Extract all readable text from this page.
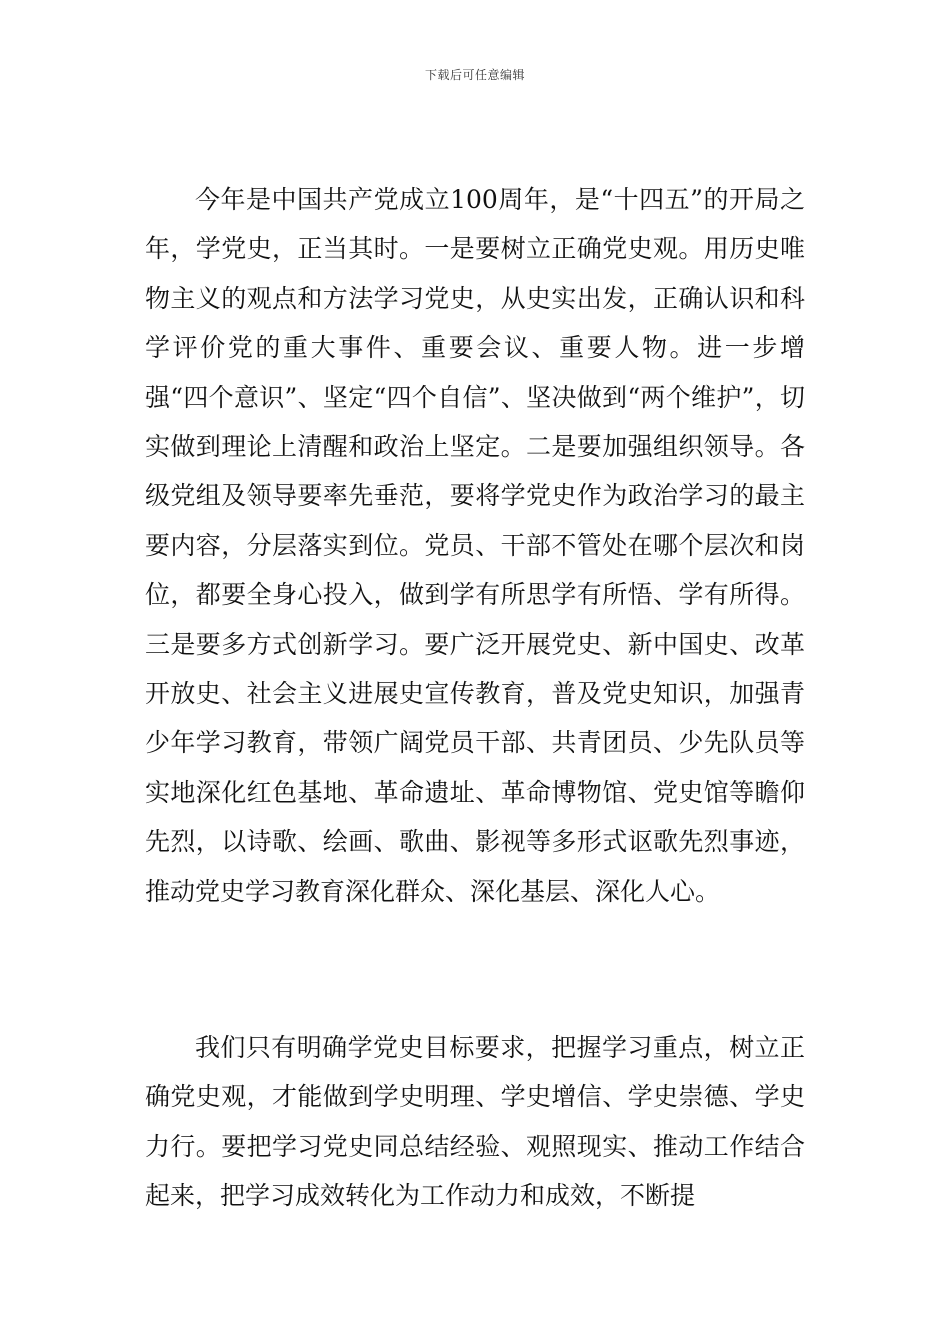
下载后可任意编辑

今年是中国共产党成立100周年，是“十四五”的开局之年，学党史，正当其时。一是要树立正确党史观。用历史唯物主义的观点和方法学习党史，从史实出发，正确认识和科学评价党的重大事件、重要会议、重要人物。进一步增强“四个意识”、坚定“四个自信”、坚决做到“两个维护”，切实做到理论上清醒和政治上坚定。二是要加强组织领导。各级党组及领导要率先垂范，要将学党史作为政治学习的最主要内容，分层落实到位。党员、干部不管处在哪个层次和岗位，都要全身心投入，做到学有所思学有所悟、学有所得。三是要多方式创新学习。要广泛开展党史、新中国史、改革开放史、社会主义进展史宣传教育，普及党史知识，加强青少年学习教育，带领广阔党员干部、共青团员、少先队员等实地深化红色基地、革命遗址、革命博物馆、党史馆等瞻仰先烈，以诗歌、绘画、歌曲、影视等多形式讴歌先烈事迹，推动党史学习教育深化群众、深化基层、深化人心。

我们只有明确学党史目标要求，把握学习重点，树立正确党史观，才能做到学史明理、学史增信、学史崇德、学史力行。要把学习党史同总结经验、观照现实、推动工作结合起来，把学习成效转化为工作动力和成效，不断提
